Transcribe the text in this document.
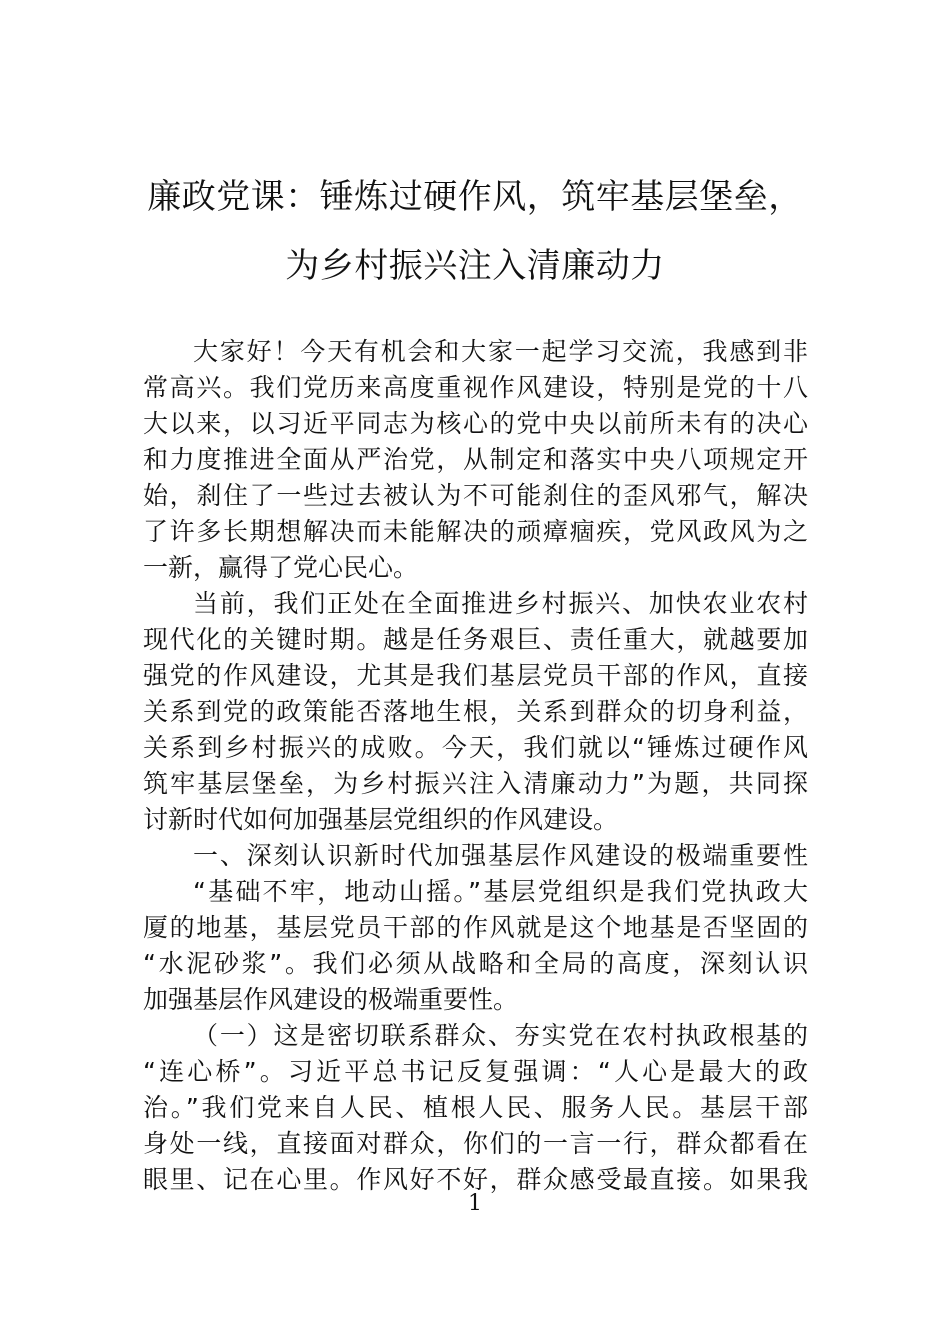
廉政党课：锤炼过硬作风，筑牢基层堡垒，
为乡村振兴注入清廉动力
大家好！今天有机会和大家一起学习交流，我感到非
常高兴。我们党历来高度重视作风建设，特别是党的十八
大以来，以习近平同志为核心的党中央以前所未有的决心
和力度推进全面从严治党，从制定和落实中央八项规定开
始，刹住了一些过去被认为不可能刹住的歪风邪气，解决
了许多长期想解决而未能解决的顽瘴痼疾，党风政风为之
一新，赢得了党心民心。
当前，我们正处在全面推进乡村振兴、加快农业农村
现代化的关键时期。越是任务艰巨、责任重大，就越要加
强党的作风建设，尤其是我们基层党员干部的作风，直接
关系到党的政策能否落地生根，关系到群众的切身利益，
关系到乡村振兴的成败。今天，我们就以“锤炼过硬作风
筑牢基层堡垒，为乡村振兴注入清廉动力”为题，共同探
讨新时代如何加强基层党组织的作风建设。
一、深刻认识新时代加强基层作风建设的极端重要性
“基础不牢，地动山摇。”基层党组织是我们党执政大
厦的地基，基层党员干部的作风就是这个地基是否坚固的
“水泥砂浆”。我们必须从战略和全局的高度，深刻认识
加强基层作风建设的极端重要性。
（一）这是密切联系群众、夯实党在农村执政根基的
“连心桥”。习近平总书记反复强调：“人心是最大的政
治。”我们党来自人民、植根人民、服务人民。基层干部
身处一线，直接面对群众，你们的一言一行，群众都看在
眼里、记在心里。作风好不好，群众感受最直接。如果我
1
